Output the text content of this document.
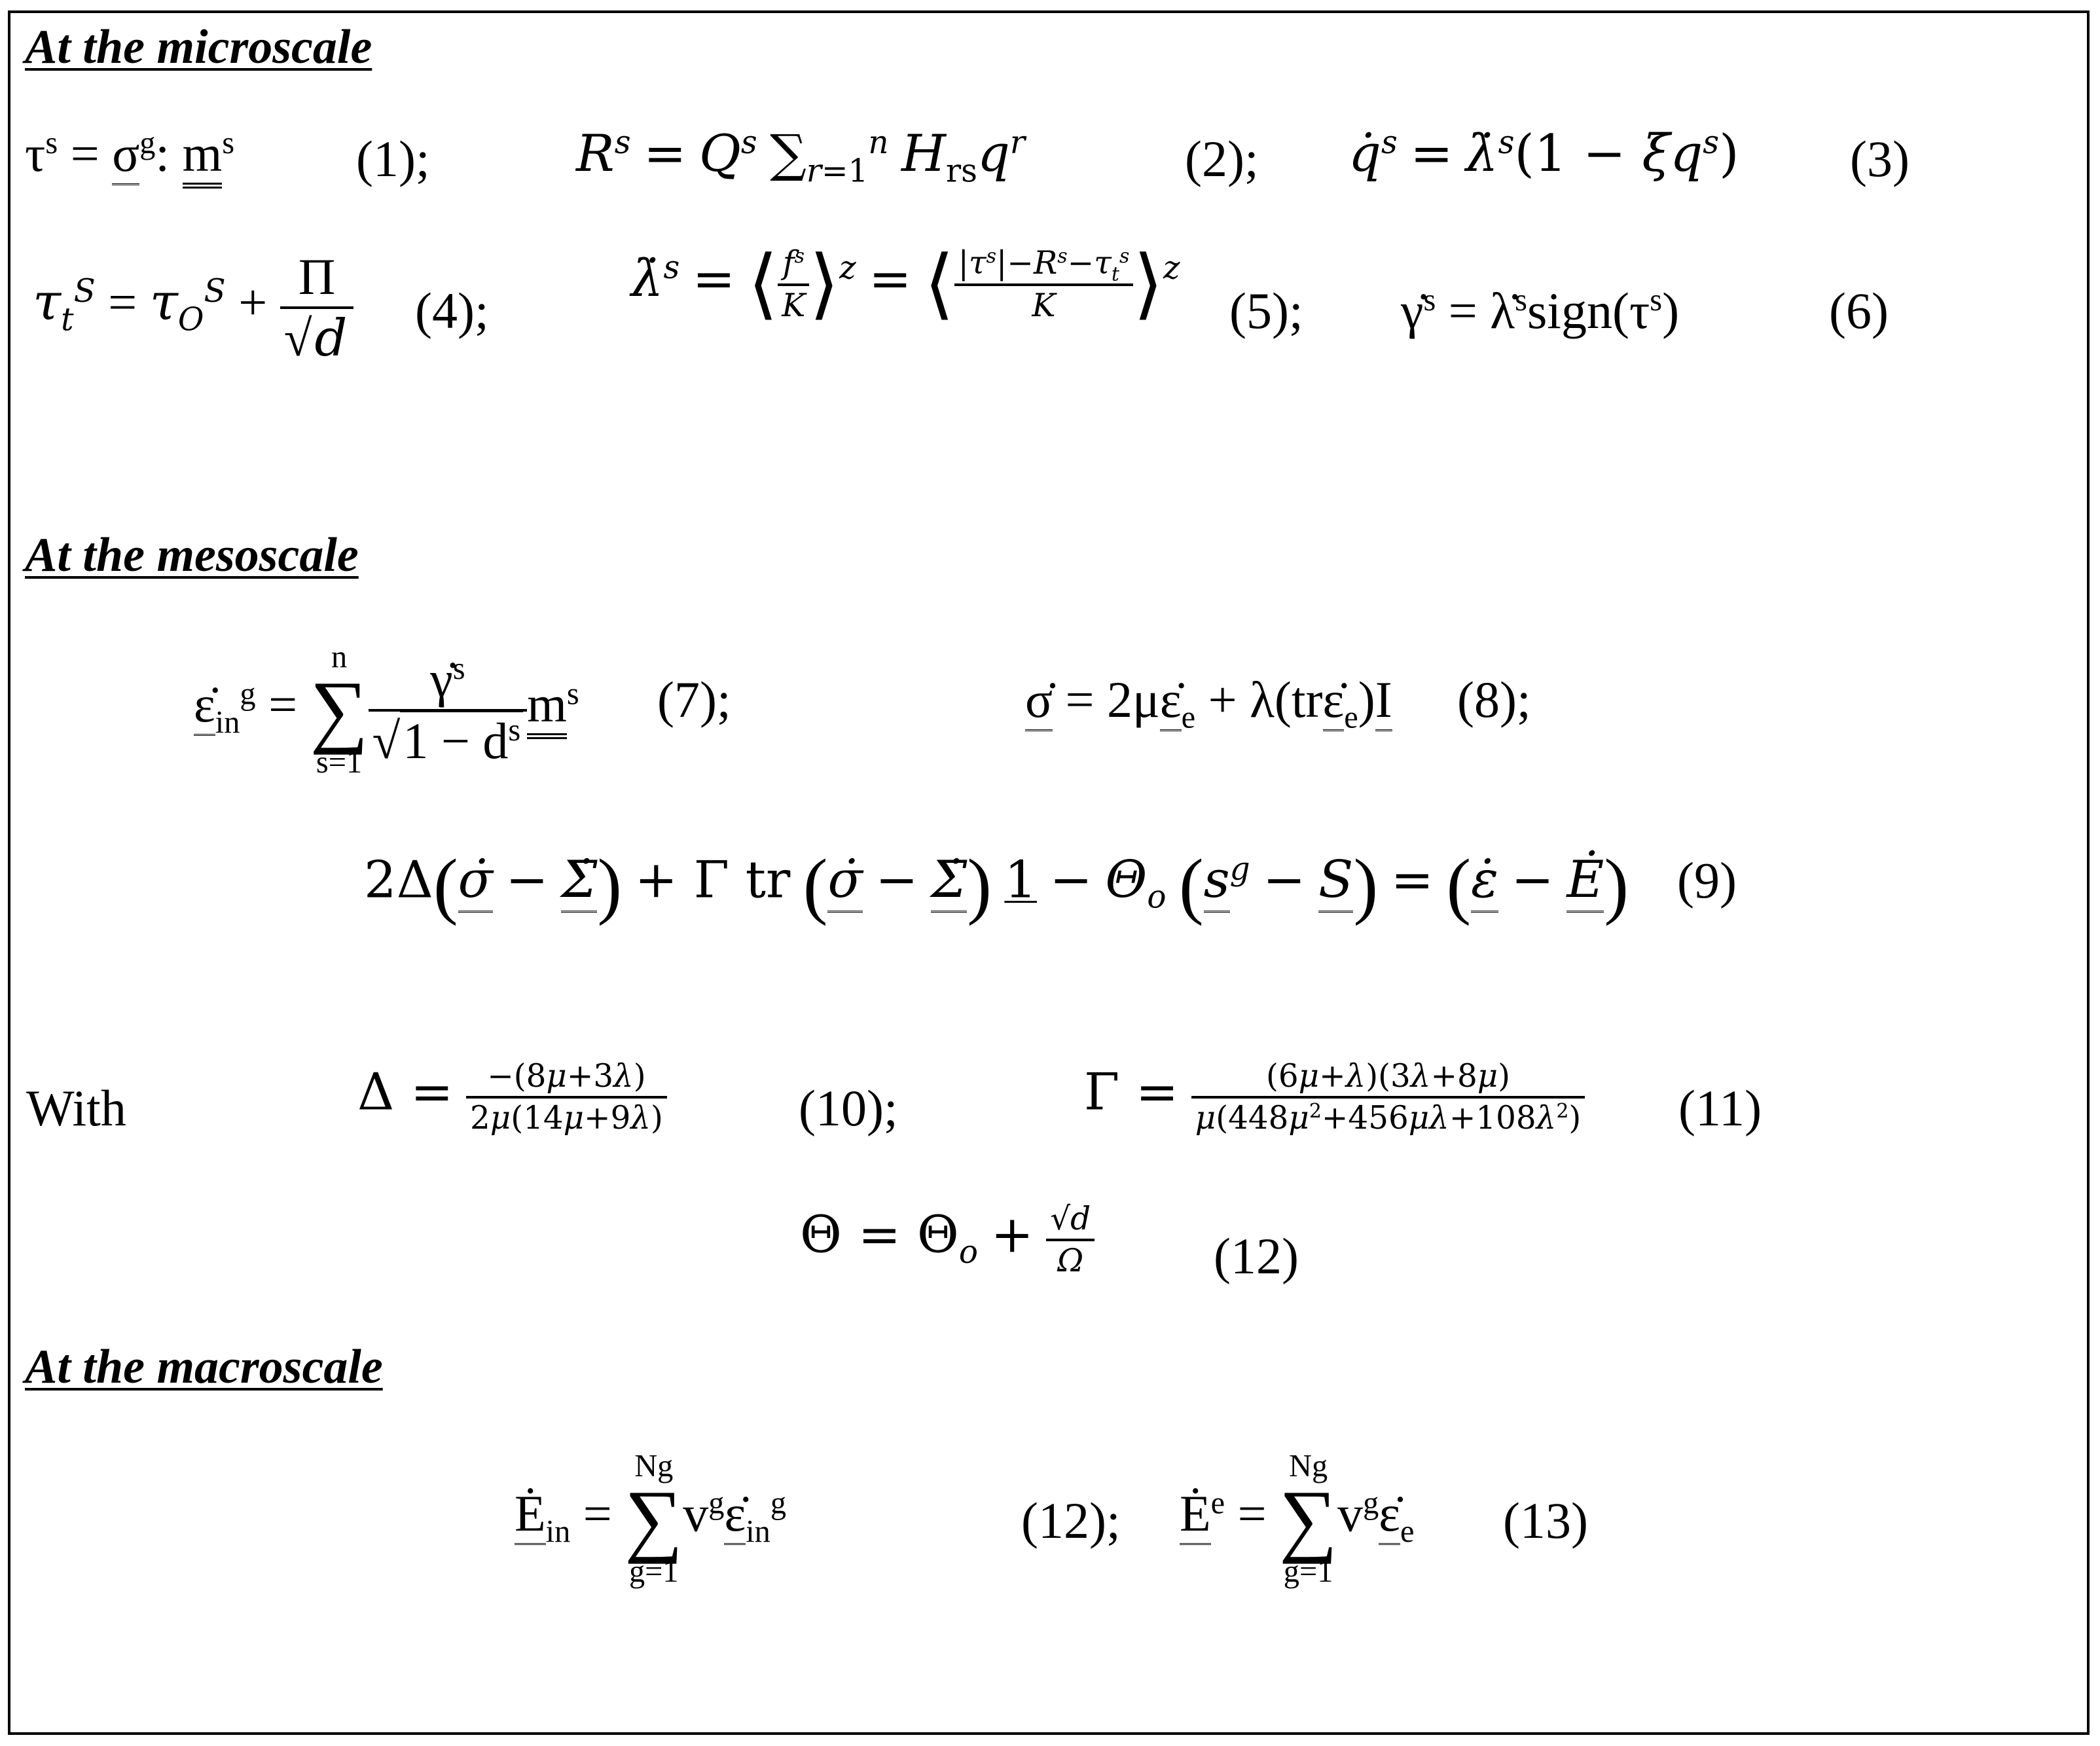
At the microscale
$\tau^s = \sigma^g$: $m^s$ (1);	$R^s = Q^s$ $\sum_{r=1}^n$ $H_{rs}q^r$	(2); q̇$^s$ = λ̇$^s$(1 − $\xi q^s$) (3)
$\tau_t^S = \tau_O^S + \frac{\Pi}{√d} (4)$;
λ̇$^s$ = ⟨ $\frac{f^s}{K}$ ⟩$^z$ = ⟨ $\frac{|\tau^s|-R^s-\tau_t^s}{K}$ ⟩$^z$
(5); γ̇$^s$ = $\lambdȧ^ssign(\tau^s)$	(6)
At the mesoscale
$\varepsiloṅ_{in}^g$ =
n
∑
$s=1 \frac{\gammȧ^s}{√1 - d^s} m^s$ (7);	σ̇ = $2\mu\varepsiloṅ_e$ + $\lambda(tr\varepsiloṅ_e)I$ (8);
2Δ(σ̇ − Σ̇) + Γ tr (σ̇ − Σ̇) $1 - \Theta_o$ $(s^g - S)$ = (ε̇ − Ė) (9)
With	$\Delta = \frac{-(8\mu+3\lambda)}{2\mu(14\mu+9\lambda)}$	(10);	$\Gamma = \frac{(6\mu+\lambda)(3\lambda+8\mu)}{\mu(448\mu^2+456\mu\lambda+108\lambda^2)} (11)$
$\Theta = \Theta_o + \frac{√d}{\Omega} (12)$
At the macroscale
$Ė_{in}$ =
Ng
∑
g=1
$v^g\varepsiloṅ_{in}^g$	(12); $Ė^e$ =
Ng
∑
g=1
$v^g\varepsiloṅ_e$ (13)
